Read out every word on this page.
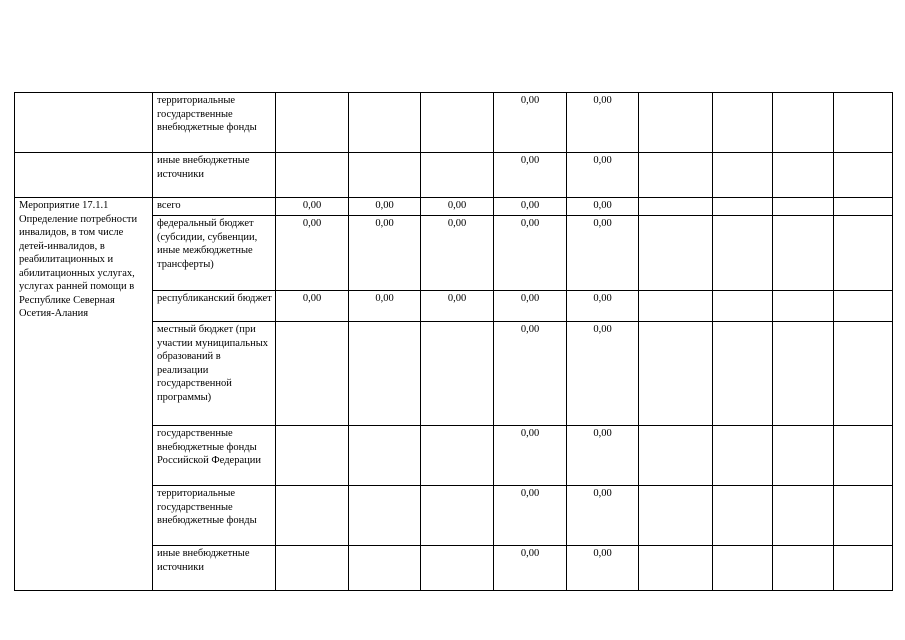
	территориальные государственные внебюджетные фонды				0,00	0,00				
	иные внебюджетные источники				0,00	0,00				
Мероприятие 17.1.1 Определение потребности инвалидов, в том числе детей-инвалидов, в реабилитационных и абилитационных услугах, услугах ранней помощи в Республике Северная Осетия-Алания	всего	0,00	0,00	0,00	0,00	0,00				
	федеральный бюджет (субсидии, субвенции, иные межбюджетные трансферты)	0,00	0,00	0,00	0,00	0,00				
	республиканский бюджет	0,00	0,00	0,00	0,00	0,00				
	местный бюджет (при участии муниципальных образований в реализации государственной программы)				0,00	0,00				
	государственные внебюджетные фонды Российской Федерации				0,00	0,00				
	территориальные государственные внебюджетные фонды				0,00	0,00				
	иные внебюджетные источники				0,00	0,00				
